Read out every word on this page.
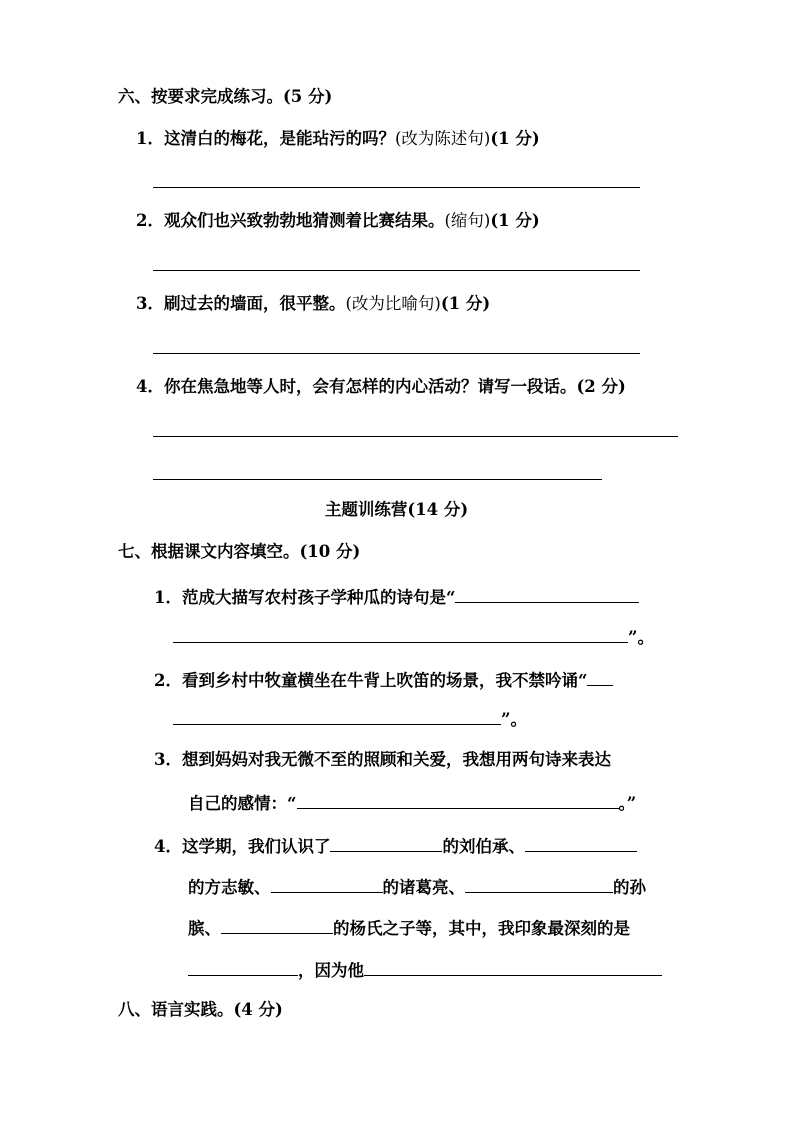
六、按要求完成练习。(5 分)
1．这清白的梅花，是能玷污的吗？(改为陈述句)(1 分)
2．观众们也兴致勃勃地猜测着比赛结果。(缩句)(1 分)
3．刷过去的墙面，很平整。(改为比喻句)(1 分)
4．你在焦急地等人时，会有怎样的内心活动？请写一段话。(2 分)
主题训练营(14 分)
七、根据课文内容填空。(10 分)
1．范成大描写农村孩子学种瓜的诗句是“
”。
2．看到乡村中牧童横坐在牛背上吹笛的场景，我不禁吟诵“
”。
3．想到妈妈对我无微不至的照顾和关爱，我想用两句诗来表达
自己的感情：“	。”
4．这学期，我们认识了	的刘伯承、
的方志敏、	的诸葛亮、	的孙
膑、	的杨氏之子等，其中，我印象最深刻的是
，因为他
八、语言实践。(4 分)
